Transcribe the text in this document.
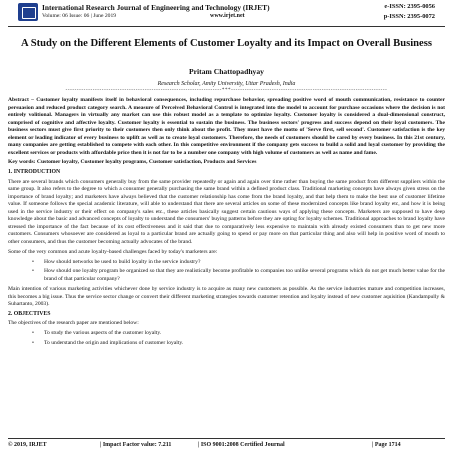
International Research Journal of Engineering and Technology (IRJET)	e-ISSN: 2395-0056
Volume: 06 Issue: 06 | June 2019	www.irjet.net	p-ISSN: 2395-0072
A Study on the Different Elements of Customer Loyalty and its Impact on Overall Business
Pritam Chattopadhyay
Research Scholar, Amity University, Uttar Pradesh, India
---------------------------------------------------------------------***---------------------------------------------------------------------

Abstract – Customer loyalty manifests itself in behavioral consequences, including repurchase behavior, spreading positive word of mouth communication, resistance to counter persuasion and reduced product category search. A measure of Perceived Behavioral Control is integrated into the model to account for purchase occasions where the decision is not entirely volitional. Managers in virtually any market can use this robust model as a template to optimize loyalty. Customer loyalty is considered a dual-dimensional construct, comprised of cognitive and affective loyalty. Customer loyalty is essential to sustain the business. The business sectors' progress and success depend on their loyal customers. The business sectors must give first priority to their customers then only think about the profit. They must have the motto of 'Serve first, sell second'. Customer satisfaction is the key element or leading indicator of every business to uplift as well as to create loyal customers. Therefore, the needs of customers should be cared by every business. In this 21st century, many companies are getting established to compete with each other. In this competitive environment if the company gets success to build a solid and loyal customer by providing the excellent services or products with affordable price then it is not far to be a number one company with high volume of customers as well as name and fame.

Key words: Customer loyalty, Customer loyalty programs, Customer satisfaction, Products and Services

1. INTRODUCTION

There are several brands which consumers generally buy from the same provider repeatedly or again and again over time rather than buying the same product from different suppliers within the same group. It also refers to the degree to which a consumer generally purchasing the same brand within a defined product class. Traditional marketing concepts have always given stress on the importance of brand loyalty; and marketers have always believed that the customer relationship has come from the brand loyalty, and that help them to make the best use of customer lifetime value. If someone follows the special academic literature, will able to understand that there are several articles on some of these modernized concepts like brand loyalty etc, and how it is being used in the service industry or their effect on company's sales etc., these articles basically suggest certain cautious ways of applying these concepts. Marketers are supposed to have deep knowledge about the basic and advanced concepts of loyalty to understand the consumers' buying patterns before they are opting for loyalty schemes. Traditional approaches to brand loyalty have stressed the importance of the fact because of its cost effectiveness and it said that due to comparatively less expensive to maintain with already existed consumers than to get new more customers. Consumers whosoever are considered as loyal to a particular brand are actually going to spend or pay more on that particular thing and also will help in positive word of mouth to other consumers, and thus the customer becoming actually advocates of the brand.

Some of the very common and acute loyalty-based challenges faced by today's marketers are:

• How should networks be used to build loyalty in the service industry?
• How should one loyalty program be organized so that they are realistically become profitable to companies too unlike several programs which do not get much better value for the brand of that particular company?

Main intention of various marketing activities whichever done by service industry is to acquire as many new customers as possible. As the service industries mature and competition increases, this becomes a big issue. Thus the service sector change or convert their different marketing strategies towards customer retention and loyalty instead of new customer aquisition (Kandampully & Suhartanto, 2003).

2. OBJECTIVES

The objectives of the research paper are mentioned below:

• To study the various aspects of the customer loyalty.
• To understand the origin and implications of customer loyalty.
© 2019, IRJET	| Impact Factor value: 7.211	| ISO 9001:2008 Certified Journal	| Page 1714
